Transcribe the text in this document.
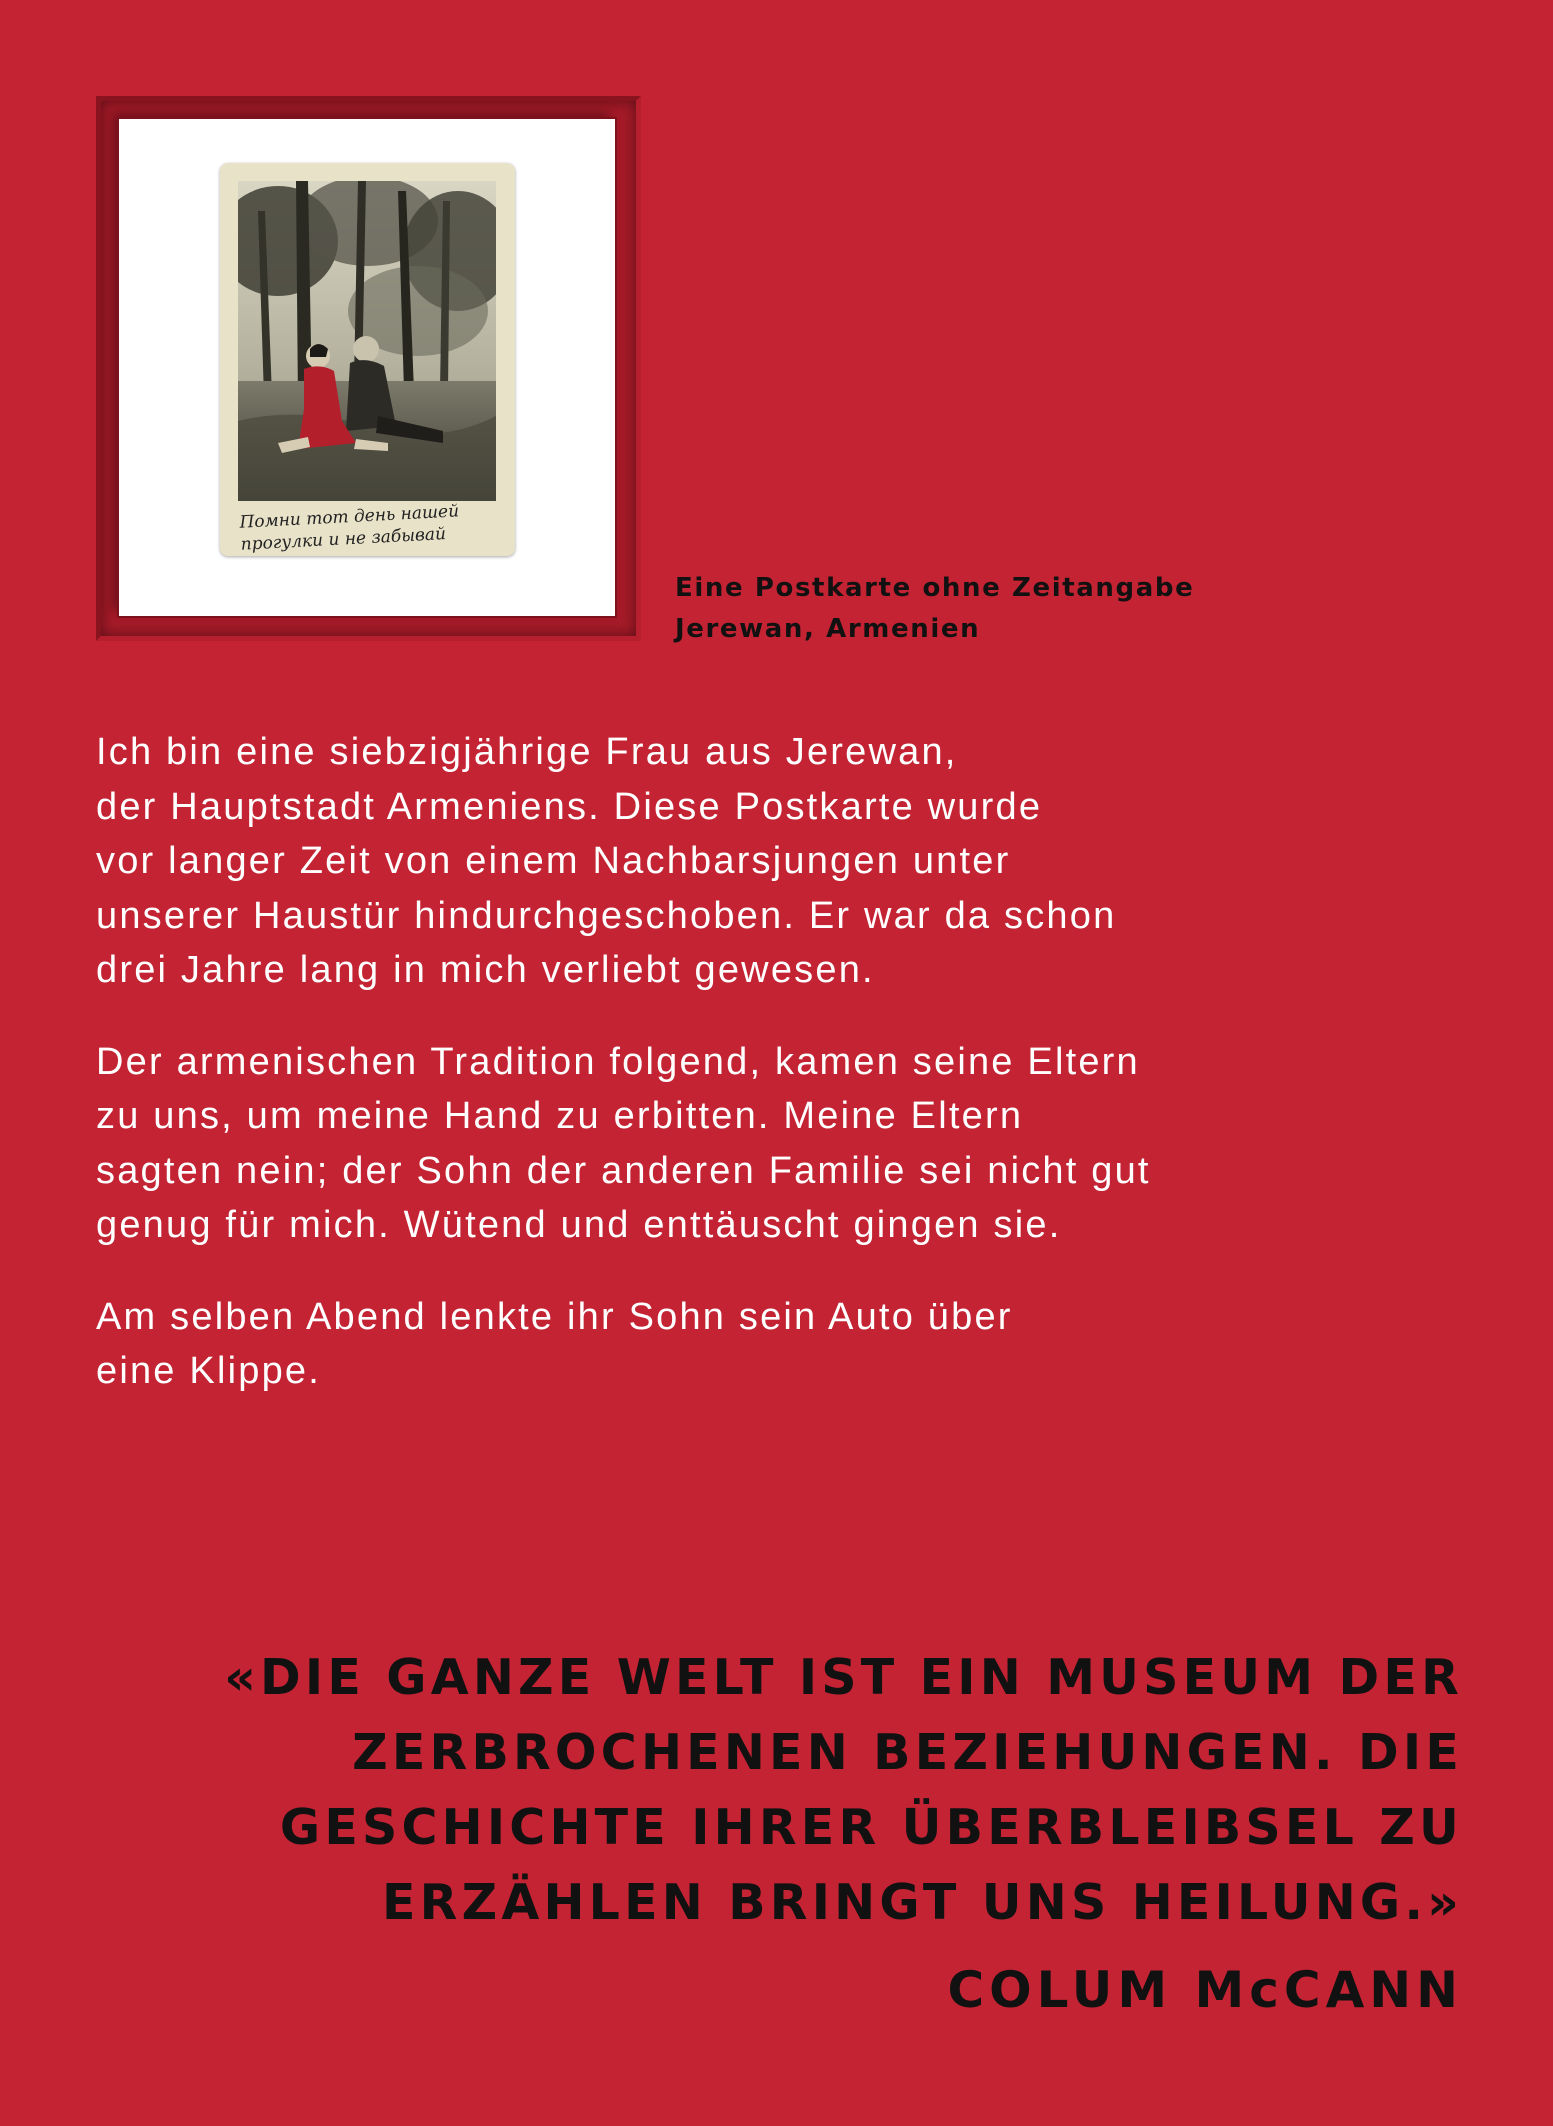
Помни тот день нашей
прогулки и не забывай
Eine Postkarte ohne Zeitangabe
Jerewan, Armenien

Ich bin eine siebzigjährige Frau aus Jerewan,
der Hauptstadt Armeniens. Diese Postkarte wurde
vor langer Zeit von einem Nachbarsjungen unter
unserer Haustür hindurchgeschoben. Er war da schon
drei Jahre lang in mich verliebt gewesen.

Der armenischen Tradition folgend, kamen seine Eltern
zu uns, um meine Hand zu erbitten. Meine Eltern
sagten nein; der Sohn der anderen Familie sei nicht gut
genug für mich. Wütend und enttäuscht gingen sie.

Am selben Abend lenkte ihr Sohn sein Auto über
eine Klippe.

«DIE GANZE WELT IST EIN MUSEUM DER
ZERBROCHENEN BEZIEHUNGEN. DIE
GESCHICHTE IHRER ÜBERBLEIBSEL ZU
ERZÄHLEN BRINGT UNS HEILUNG.»
COLUM McCANN
